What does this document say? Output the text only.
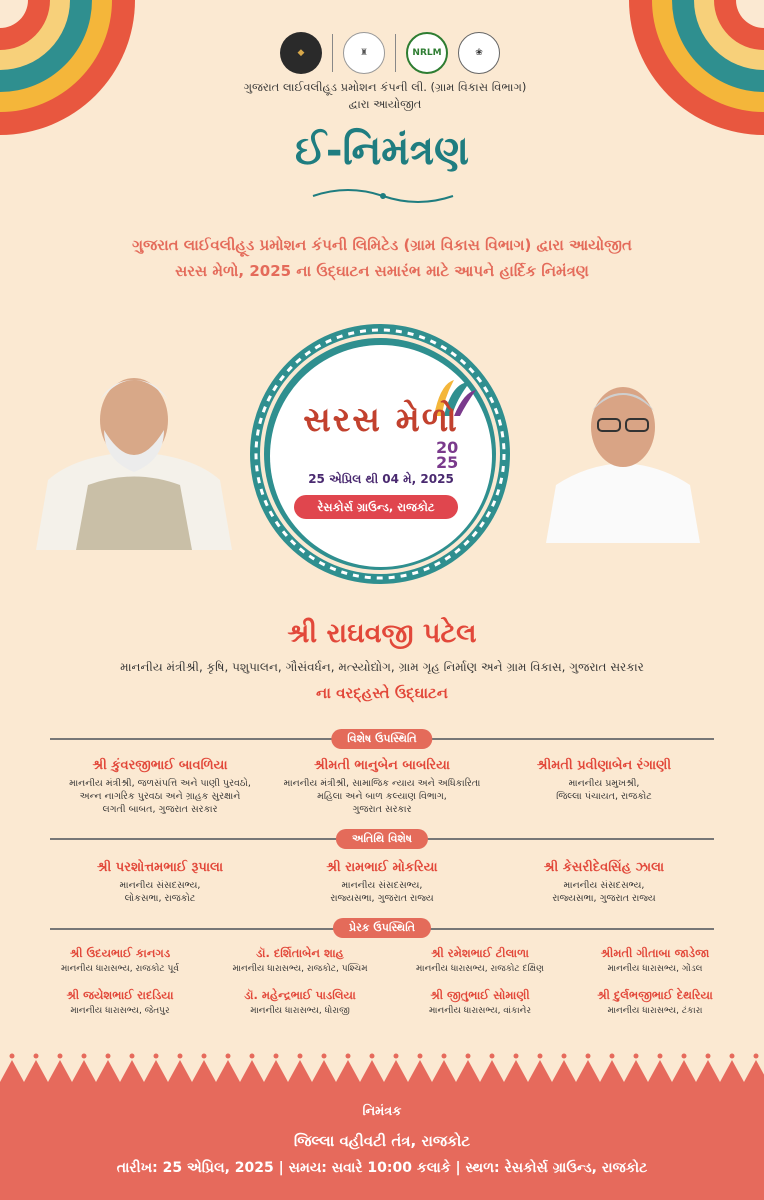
◆	♜	NRLM	❀
ગુજરાત લાઈવલીહૂડ પ્રમોશન કંપની લી. (ગ્રામ વિકાસ વિભાગ)
દ્વારા આયોજીત
ઈ-નિમંત્રણ
ગુજરાત લાઈવલીહૂડ પ્રમોશન કંપની લિમિટેડ (ગ્રામ વિકાસ વિભાગ) દ્વારા આયોજીત
સરસ મેળો, 2025 ના ઉદ્‌ઘાટન સમારંભ માટે આપને હાર્દિક નિમંત્રણ
સરસ મેળો
20
25
25 એપ્રિલ થી 04 મે, 2025
રેસકોર્સ ગ્રાઉન્ડ, રાજકોટ
શ્રી રાઘવજી પટેલ
માનનીય મંત્રીશ્રી, કૃષિ, પશુપાલન, ગૌસંવર્ધન, મત્સ્યોદ્યોગ, ગ્રામ ગૃહ નિર્માણ અને ગ્રામ વિકાસ, ગુજરાત સરકાર
ના વરદ્‌હસ્તે ઉદ્‌ઘાટન
વિશેષ ઉપસ્થિતિ
શ્રી કુંવરજીભાઈ બાવળિયા
માનનીય મંત્રીશ્રી, જળસંપત્તિ અને પાણી પુરવઠો,
અન્ન નાગરિક પુરવઠા અને ગ્રાહક સુરક્ષાને
લગતી બાબત, ગુજરાત સરકાર
શ્રીમતી ભાનુબેન બાબરિયા
માનનીય મંત્રીશ્રી, સામાજિક ન્યાય અને અધિકારિતા
મહિલા અને બાળ કલ્યાણ વિભાગ,
ગુજરાત સરકાર
શ્રીમતી પ્રવીણાબેન રંગાણી
માનનીય પ્રમુખશ્રી,
જિલ્લા પંચાયત, રાજકોટ
અતિથિ વિશેષ
શ્રી પરશોત્તમભાઈ રૂપાલા
માનનીય સંસદસભ્ય,
લોકસભા, રાજકોટ
શ્રી રામભાઈ મોકરિયા
માનનીય સંસદસભ્ય,
રાજ્યસભા, ગુજરાત રાજ્ય
શ્રી કેસરીદેવસિંહ ઝાલા
માનનીય સંસદસભ્ય,
રાજ્યસભા, ગુજરાત રાજ્ય
પ્રેરક ઉપસ્થિતિ
શ્રી ઉદયભાઈ કાનગડ
માનનીય ધારાસભ્ય, રાજકોટ પૂર્વ
ડૉ. દર્શિતાબેન શાહ
માનનીય ધારાસભ્ય, રાજકોટ, પશ્ચિમ
શ્રી રમેશભાઈ ટીલાળા
માનનીય ધારાસભ્ય, રાજકોટ દક્ષિણ
શ્રીમતી ગીતાબા જાડેજા
માનનીય ધારાસભ્ય, ગોંડલ
શ્રી જયેશભાઈ રાદડિયા
માનનીય ધારાસભ્ય, જેતપુર
ડૉ. મહેન્દ્રભાઈ પાડલિયા
માનનીય ધારાસભ્ય, ધોરાજી
શ્રી જીતુભાઈ સોમાણી
માનનીય ધારાસભ્ય, વાંકાનેર
શ્રી દુર્લભજીભાઈ દેથરિયા
માનનીય ધારાસભ્ય, ટંકારા
નિમંત્રક
જિલ્લા વહીવટી તંત્ર, રાજકોટ
તારીખ: 25 એપ્રિલ, 2025 | સમય: સવારે 10:00 કલાકે | સ્થળ: રેસકોર્સ ગ્રાઉન્ડ, રાજકોટ
